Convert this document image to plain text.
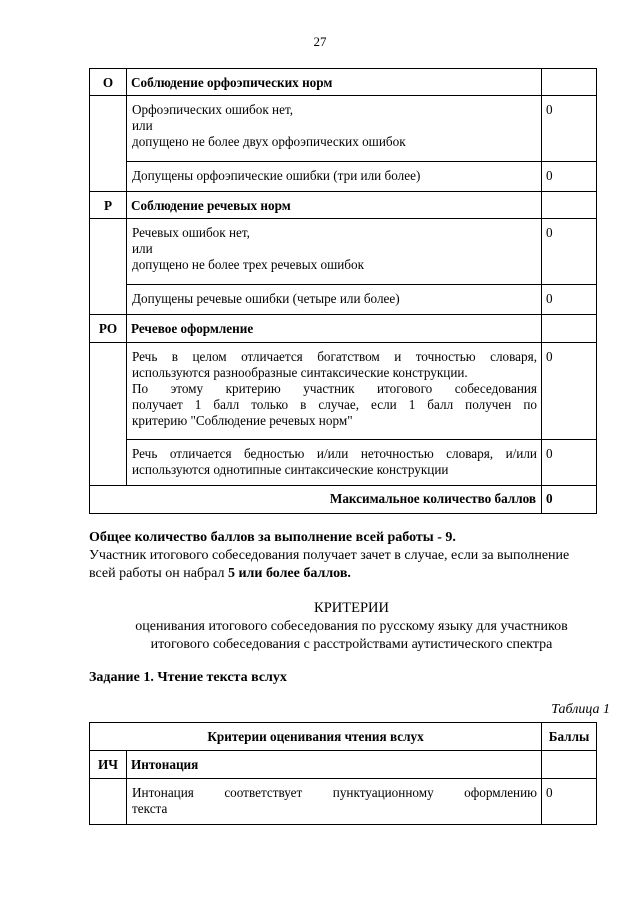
27
О	Соблюдение орфоэпических норм	

	Орфоэпических ошибок нет,
или
допущено не более двух орфоэпических ошибок	0

	Допущены орфоэпические ошибки (три или более)	0
Р	Соблюдение речевых норм	

	Речевых ошибок нет,
или
допущено не более трех речевых ошибок	0

	Допущены речевые ошибки (четыре или более)	0
РО	Речевое оформление	

	Речь в целом отличается богатством и точностью словаря,
используются разнообразные синтаксические конструкции.
По этому критерию участник итогового собеседования
получает 1 балл только в случае, если 1 балл получен по
критерию "Соблюдение речевых норм"	0

	Речь отличается бедностью и/или неточностью словаря, и/или
используются однотипные синтаксические конструкции	0
Максимальное количество баллов		0
Общее количество баллов за выполнение всей работы - 9.
Участник итогового собеседования получает зачет в случае, если за выполнение
всей работы он набрал 5 или более баллов.
КРИТЕРИИ
оценивания итогового собеседования по русскому языку для участников
итогового собеседования с расстройствами аутистического спектра
Задание 1. Чтение текста вслух
Таблица 1
Критерии оценивания чтения вслух		Баллы
ИЧ	Интонация	

	Интонация соответствует пунктуационному оформлению
текста	0
